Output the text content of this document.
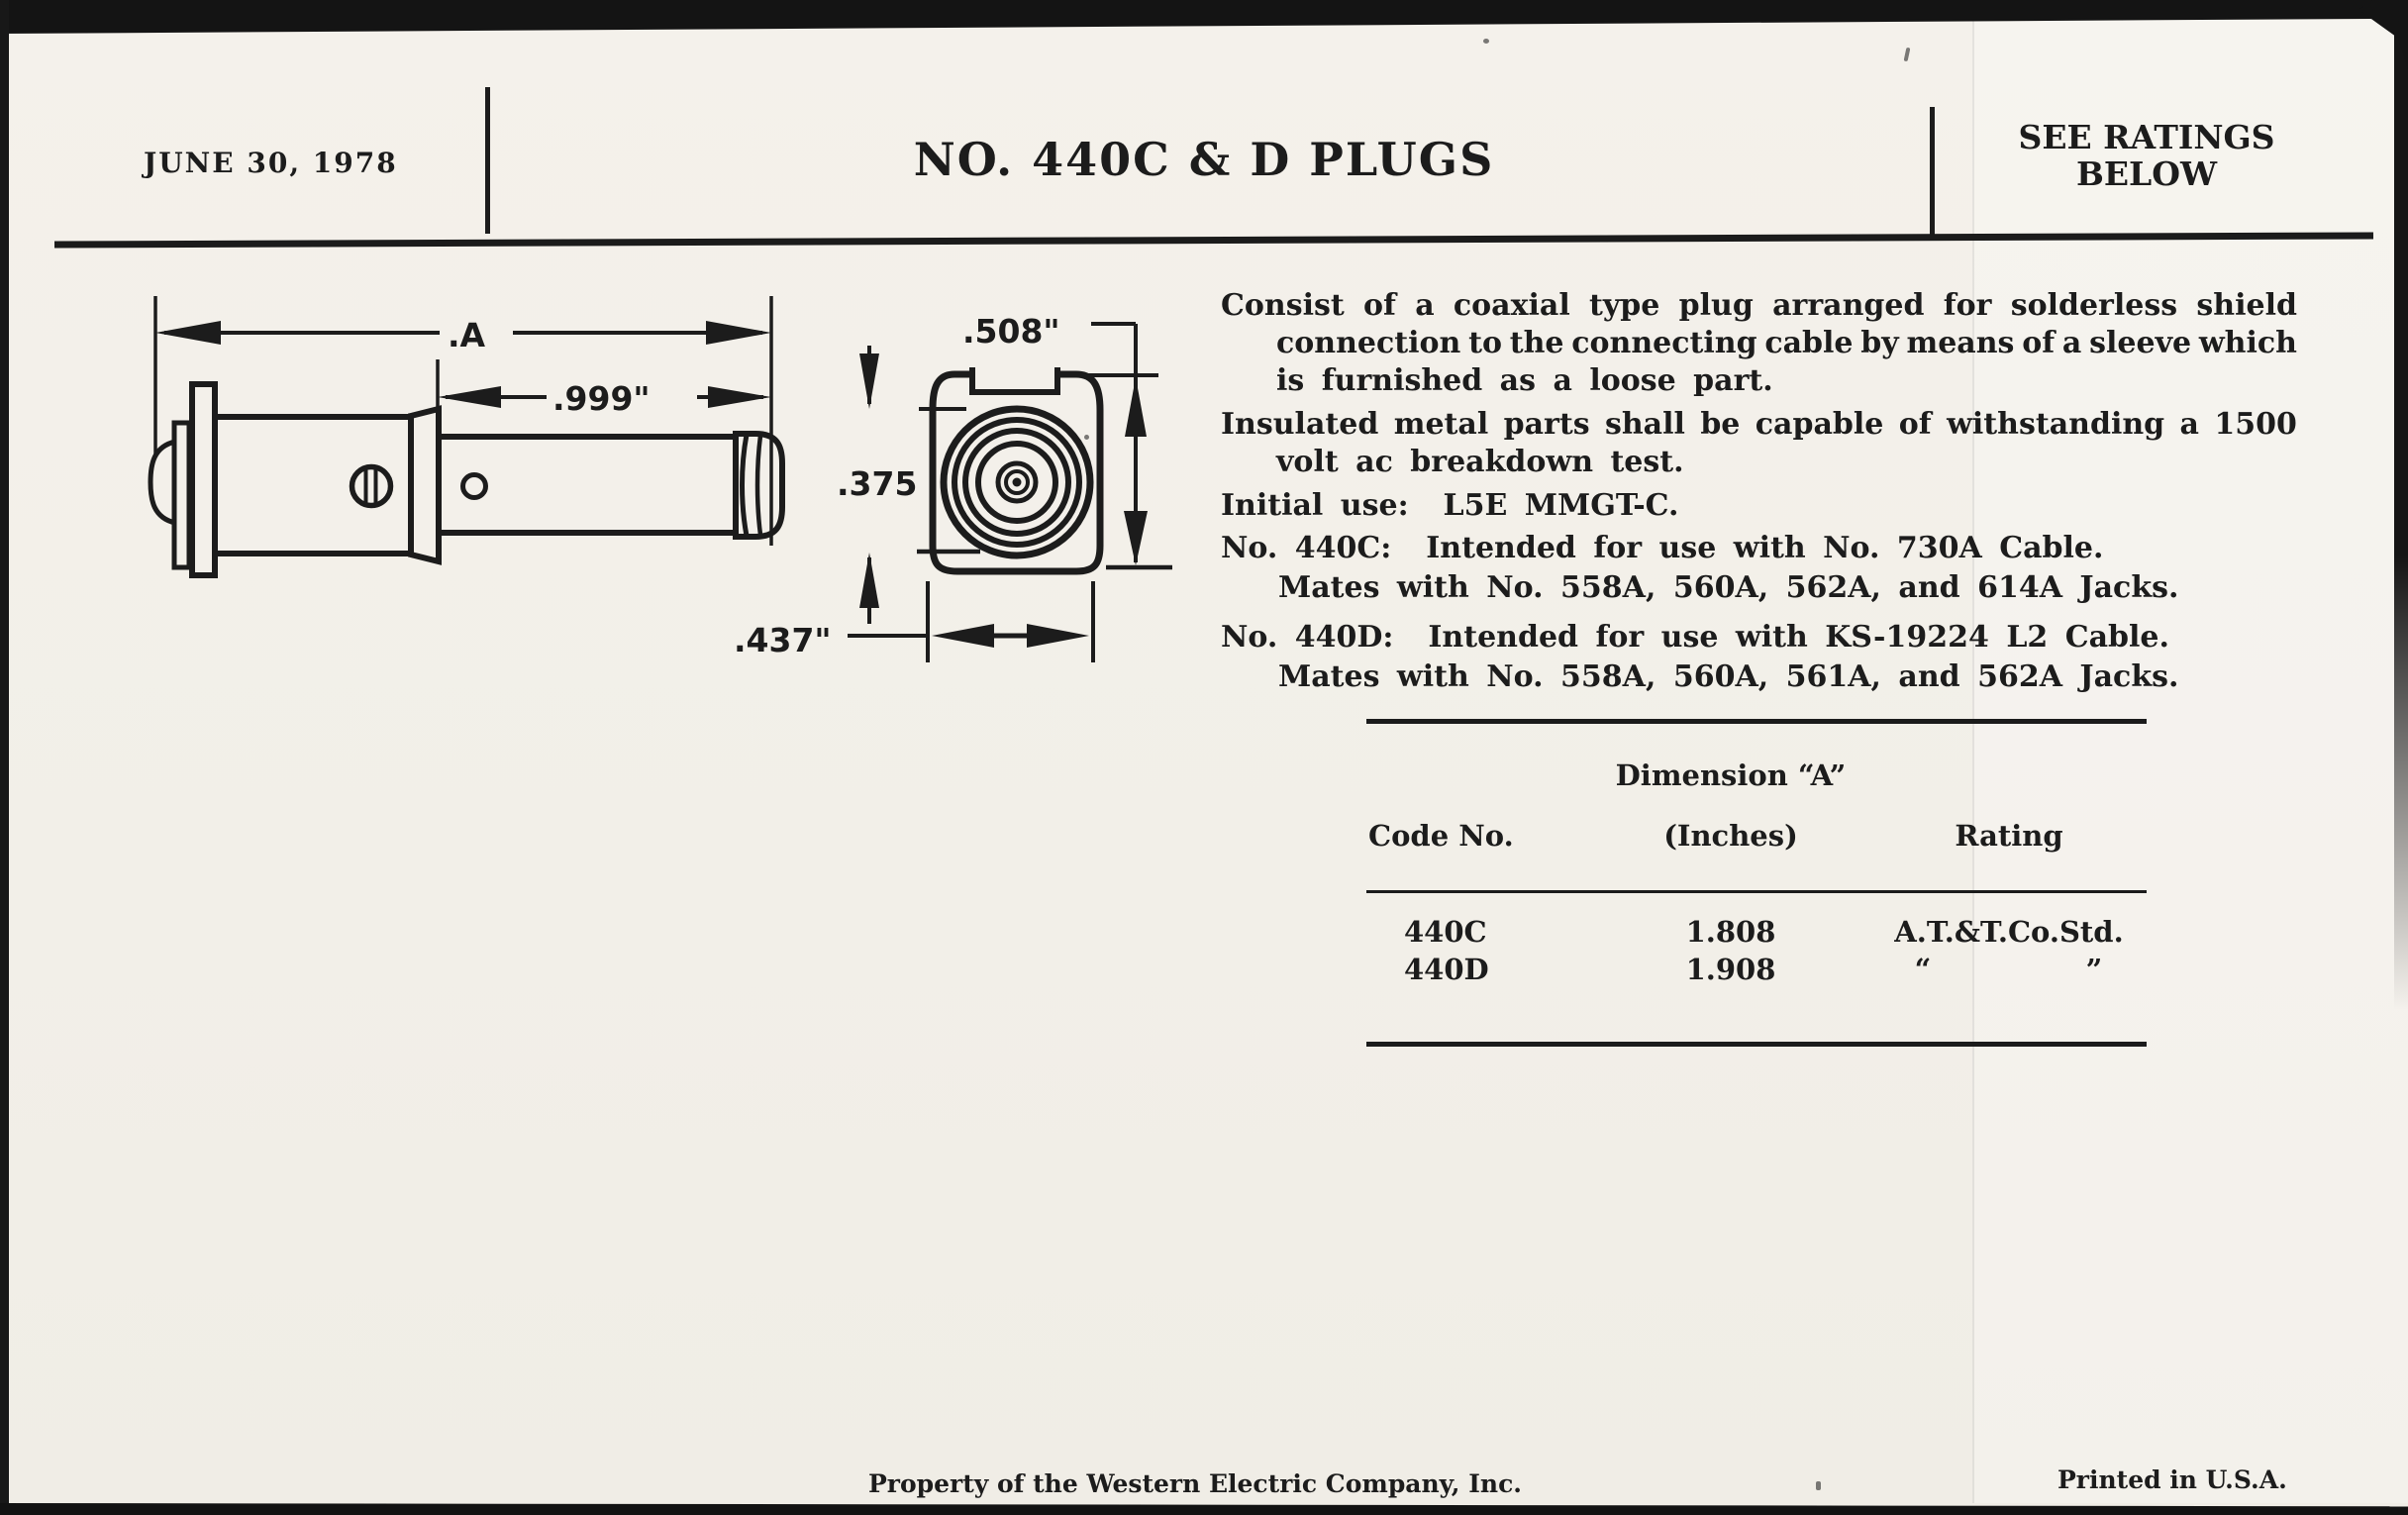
JUNE 30, 1978	NO. 440C & D PLUGS	SEE RATINGS
BELOW
.A
.999"
.508"
.375
.437"
Consist of a coaxial type plug arranged for solderless shield
connection to the connecting cable by means of a sleeve which
is furnished as a loose part.
Insulated metal parts shall be capable of withstanding a 1500
volt ac breakdown test.
Initial use:  L5E MMGT-C.
No. 440C:  Intended for use with No. 730A Cable.
Mates with No. 558A, 560A, 562A, and 614A Jacks.
No. 440D:  Intended for use with KS-19224 L2 Cable.
Mates with No. 558A, 560A, 561A, and 562A Jacks.
Dimension “A”
Code No.	(Inches)	Rating
440C	1.808	A.T.&T.Co.Std.
440D	1.908	“              ”
Property of the Western Electric Company, Inc.	Printed in U.S.A.
